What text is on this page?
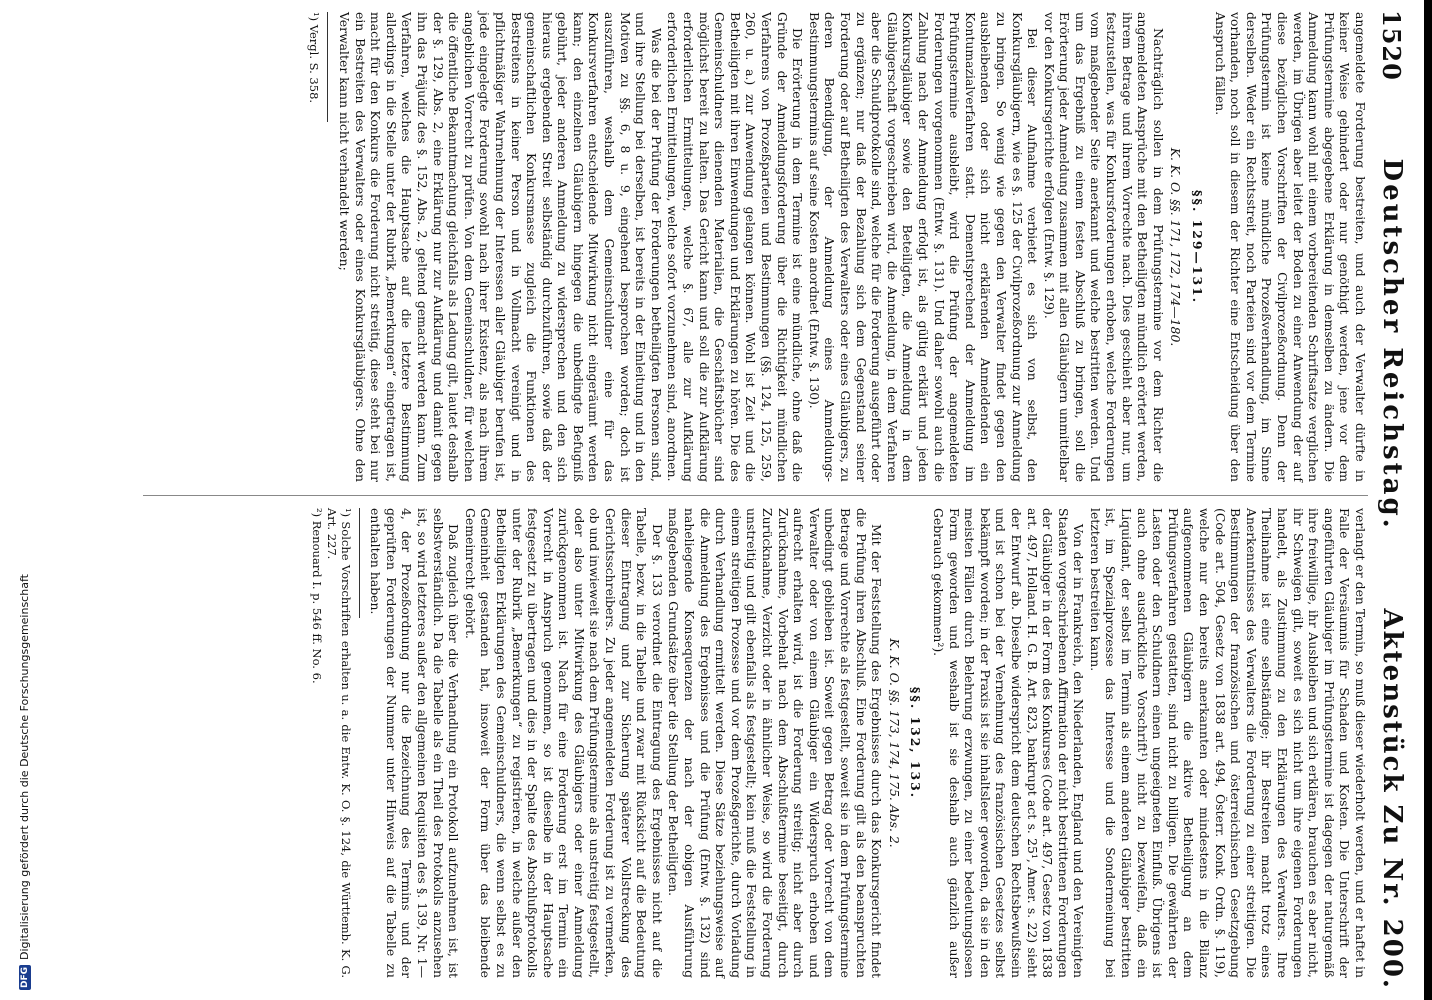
1520
Deutscher Reichstag.
Aktenstück Zu Nr. 200.

angemeldete Forderung bestreiten, und auch der Verwalter dürfte in keiner Weise gehindert oder nur genöthigt werden, jene vor dem Prüfungstermine abgegebene Erklärung in demselben zu ändern. Die Anmeldung kann wohl mit einem vorbereitenden Schriftsatze verglichen werden, im Übrigen aber leitet der Boden zu einer Anwendung der auf diese bezüglichen Vorschriften der Civilprozeßordnung. Denn der Prüfungstermin ist keine mündliche Prozeßverhandlung, im Sinne derselben. Weder ein Rechtsstreit, noch Parteien sind vor dem Termine vorhanden, noch soll in diesem der Richter eine Entscheidung über den Anspruch fällen.

§§. 129—131.

K. K. O. §§. 171, 172, 174—180.

Nachträglich sollen in dem Prüfungstermine vor dem Richter die angemeldeten Ansprüche mit den Betheiligten mündlich erörtert werden, ihrem Betrage und ihrem Vorrechte nach. Dies geschieht aber nur, um festzustellen, was für Konkursforderungen erhoben, welche Forderungen vom maßgebender Seite anerkannt und welche bestritten werden. Und um das Ergebniß zu einem festen Abschluß zu bringen, soll die Erörterung jeder Anmeldung zusammen mit allen Gläubigern unmittelbar vor den Konkursgerichte erfolgen (Entw. §. 129).

Bei dieser Aufnahme verbietet es sich von selbst, den Konkursgläubigern, wie es §. 125 der Civilprozeßordnung zur Anmeldung zu bringen. So wenig wie gegen den Verwalter findet gegen den ausbleibenden oder sich nicht erklärenden Anmeldenden ein Kontumazialverfahren statt. Dementsprechend der Anmeldung im Prüfungstermine ausbleibt, wird die Prüfung der angemeldeten Forderungen vorgenommen (Entw. §. 131). Und daher sowohl auch die Zahlung nach der Anmeldung erfolgt ist, als gültig erklärt und jeden Konkursgläubiger sowie den Beteiligten, die Anmeldung in dem Gläubigerschaft vorgeschrieben wird, die Anmeldung, in dem Verfahren aber die Schuldprotokolle sind, welche für die Forderung ausgeführt oder zu ergänzen; nur daß der Bezahlung sich dem Gegenstand seiner Forderung oder auf Betheiligten des Verwalters oder eines Gläubigers, zu deren Beendigung, der Anmeldung eines Anmeldungs-Bestimmungstermins auf seine Kosten anordnet (Entw. §. 130).

Die Erörterung in dem Termine ist eine mündliche, ohne daß die Gründe der Anmeldungsforderung über die Richtigkeit mündlichen Verfahrens von Prozeßparteien und Bestimmungen (§§. 124, 125, 259, 260, u. a.) zur Anwendung gelangen können. Wohl ist Zeit und die Betheiligten mit ihren Einwendungen und Erklärungen zu hören. Die des Gemeinschuldners dienenden Materialien, die Geschäftsbücher sind möglichst bereit zu halten. Das Gericht kann und soll die zur Aufklärung erforderlichen Ermittelungen, welche §. 67, alle zur Aufklärung erforderlichen Ermittelungen, welche sofort vorzunehmen sind, anordnen.

Was die bei der Prüfung der Forderungen betheiligten Personen sind, und ihre Stellung bei derselben, ist bereits in der Einleitung und in den Motiven zu §§. 6, 8 u. 9, eingehend besprochen worden; doch ist auszuführen, weshalb dem Gemeinschuldner eine für das Konkursverfahren entscheidende Mitwirkung nicht eingeräumt werden kann; den einzelnen Gläubigern hingegen die unbedingte Befugniß gebührt, jeder anderen Anmeldung zu widersprechen und den sich hieraus ergebenden Streit selbständig durchzuführen, sowie daß der gemeinschaftlichen Konkursmasse zugleich die Funktionen des Bestreitens in keiner Person und in Vollmacht vereinigt und in pflichtmäßiger Wahrnehmung der Interessen aller Gläubiger berufen ist, jede eingelegte Forderung sowohl nach ihrer Existenz, als nach ihrem angeblichen Vorrecht zu prüfen. Von dem Gemeinschuldner, für welchen die öffentliche Bekanntmachung gleichfalls als Ladung gilt, lautet deshalb der §. 129, Abs. 2, eine Erklärung nur zur Aufklärung und damit gegen ihn das Präjudiz des §. 152, Abs. 2, geltend gemacht werden kann. Zum Verfahren, welches die Hauptsache auf die letztere Bestimmung allerdings in die Stelle unter der Rubrik „Bemerkungen“ eingetragen ist, macht für den Konkurs die Forderung nicht streitig, diese steht bei nur ein Bestreiten des Verwalters oder eines Konkursgläubigers. Ohne den Verwalter kann nicht verhandelt werden;

¹) Vergl. S. 358.

verlangt er den Termin, so muß dieser wiederholt werden, und er haftet in Falle der Versäumnis für Schaden und Kosten. Die Unterschrift der angeführten Gläubiger im Prüfungstermine ist dagegen der naturgemäß ihre freiwillige, ihr Ausbleiben und sich erklären, brauchen es aber nicht, ihr Schweigen gilt, soweit es sich nicht um ihre eigenen Forderungen handelt, als Zustimmung zu den Erklärungen des Verwalters. Ihre Theilnahme ist eine selbständige; ihr Bestreiten macht trotz eines Anerkenntnisses des Verwalters die Forderung zu einer streitigen. Die Bestimmungen der französischen und österreichischen Gesetzgebung (Code art. 504, Gesetz von 1838 art. 494, Österr. Konk. Ordn. §. 119), welche nur den bereits anerkannten oder mindestens in die Bilanz aufgenommenen Gläubigern die aktive Betheiligung an dem Prüfungsverfahren gestatten, sind nicht zu billigen. Die gewährten der Lasten oder den Schuldnern einen ungeeigneten Einfluß. Übrigens ist auch ohne ausdrückliche Vorschrift¹) nicht zu bezweifeln, daß ein Liquidant, der selbst im Termin als einem anderen Gläubiger bestritten ist, im Spezialprozesse das Interesse und die Sondermeinung bei letzteren bestreiten kann.

Von der in Frankreich, den Niederlanden, England und den Vereinigten Staaten vorgeschriebenen Affirmation der nicht bestrittenen Forderungen der Gläubiger in der Form des Konkurses (Code art. 497, Gesetz von 1838 art. 497, Holland. H. G. B. Art. 823, bankrupt act s. 25¹, Amer. s. 22) sieht der Entwurf ab. Dieselbe widerspricht dem deutschen Rechtsbewußtsein und ist schon bei der Vernehmung des französischen Gesetzes selbst bekämpft worden; in der Praxis ist sie inhaltsleer geworden, da sie in den meisten Fällen durch Belehrung erzwungen, zu einer bedeutungslosen Form geworden und weshalb ist sie deshalb auch gänzlich außer Gebrauch gekommen²).

§§. 132, 133.

K. K. O. §§. 173, 174, 175. Abs. 2.

Mit der Feststellung des Ergebnisses durch das Konkursgericht findet die Prüfung ihren Abschluß. Eine Forderung gilt als den beanspruchten Betrage und Vorrechte als festgestellt, soweit sie in dem Prüfungstermine unbedingt geblieben ist. Soweit gegen Betrag oder Vorrecht von dem Verwalter oder von einem Gläubiger ein Widerspruch erhoben und aufrecht erhalten wird, ist die Forderung streitig; nicht aber durch Zurücknahme, Vorbehalt nach dem Abschlußtermine beseitigt, durch Zurücknahme, Verzicht oder in ähnlicher Weise, so wird die Forderung unstreitig und gilt ebenfalls als festgestellt; kein muß die Feststellung in einem streitigen Prozesse und vor dem Prozeßgerichte, durch Vorladung durch Verhandlung ermittelt werden. Diese Sätze beziehungsweise auf die Anmeldung des Ergebnisses und die Prüfung (Entw. §. 132) sind naheliegende Konsequenzen der nach der obigen Ausführung maßgebenden Grundsätze über die Stellung der Betheiligten.

Der §. 133 verordnet die Eintragung des Ergebnisses nicht auf die Tabelle, bezw. in die Tabelle und zwar mit Rücksicht auf die Bedeutung dieser Eintragung und zur Sicherung späterer Vollstreckung des Gerichtsschreibers. Zu jeder angemeldeten Forderung ist zu vermerken, ob und inwieweit sie nach dem Prüfungstermine als unstreitig festgestellt, oder also unter Mitwirkung des Gläubigers oder einer Anmeldung zurückgenommen ist. Nach für eine Forderung erst im Termin ein Vorrecht in Anspruch genommen, so ist dieselbe in der Hauptsache festgesetzt zu übertragen und dies in der Spalte des Abschlußprotokolls unter der Rubrik „Bemerkungen“ zu registrieren, in welche außer den Betheiligten Erklärungen des Gemeinschuldners, die wenn selbst es zu Gemeinheit gestanden hat, insoweit der Form über das bleibende Gemeinrecht gehört.

Daß zugleich über die Verhandlung ein Protokoll aufzunehmen ist, ist selbstverständlich. Da die Tabelle als ein Theil des Protokolls anzusehen ist, so wird letzteres außer den allgemeinen Requisiten des §. 139, Nr. 1—4, der Prozeßordnung nur die Bezeichnung des Termins und der geprüften Forderungen der Nummer unter Hinweis auf die Tabelle zu enthalten haben.

¹) Solche Vorschriften erhalten u. a. die Entw. K. O. §. 124, die Württemb. K. G. Art. 227.

²) Renouard I. p. 546 ff. No. 6.

DFG
Digitalisierung gefördert durch die Deutsche Forschungsgemeinschaft
